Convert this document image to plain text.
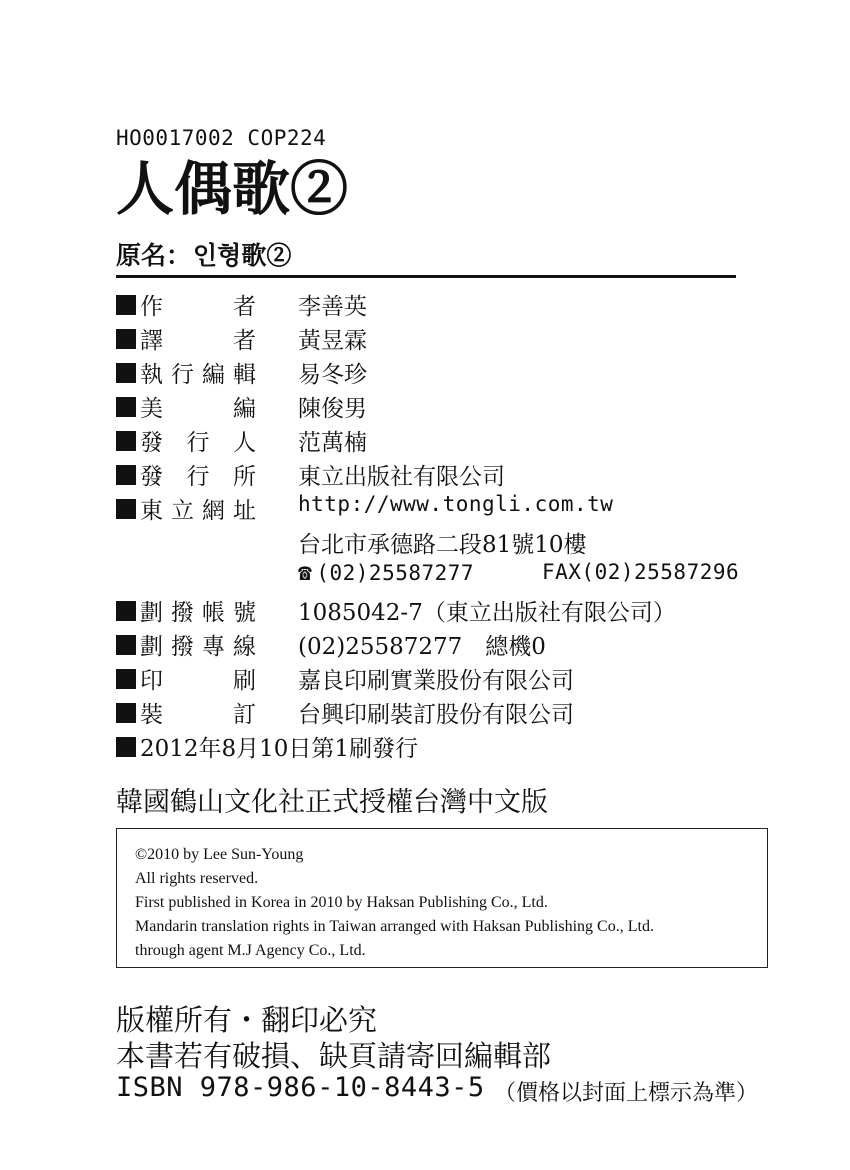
HO0017002 COP224
人偶歌②
原名：인형歌②
作	者 李善英
譯	者 黃昱霖
執 行 編 輯 易冬珍
美	編 陳俊男
發 行 人 范萬楠
發 行 所 東立出版社有限公司
東 立 網 址 http://www.tongli.com.tw
台北市承德路二段81號10樓
☎ (02)25587277	FAX(02)25587296
劃 撥 帳 號 1085042-7（東立出版社有限公司）
劃 撥 專 線 (02)25587277　總機0
印	刷 嘉良印刷實業股份有限公司
裝	訂 台興印刷裝訂股份有限公司
2012年8月10日第1刷發行
韓國鶴山文化社正式授權台灣中文版
©2010 by Lee Sun-Young
All rights reserved.
First published in Korea in 2010 by Haksan Publishing Co., Ltd.
Mandarin translation rights in Taiwan arranged with Haksan Publishing Co., Ltd.
through agent M.J Agency Co., Ltd.
版權所有・翻印必究
本書若有破損、缺頁請寄回編輯部
ISBN 978-986-10-8443-5 （價格以封面上標示為準）
